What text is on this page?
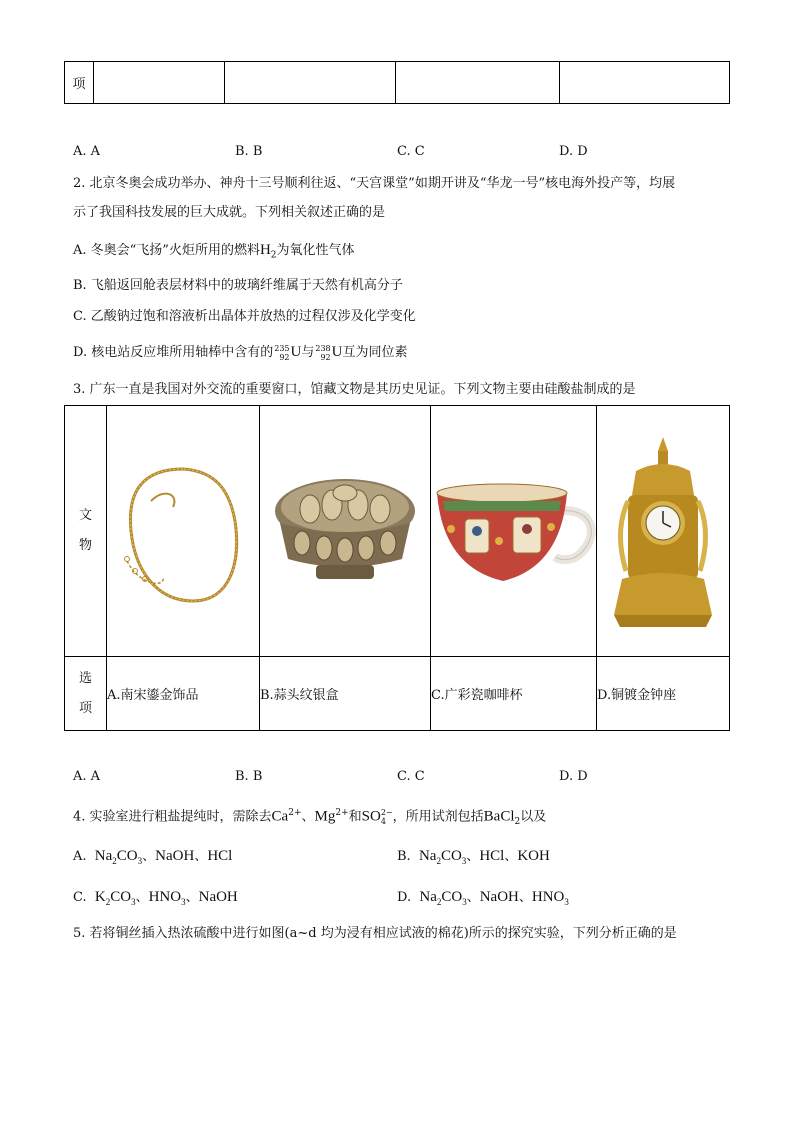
项				
A. A	B. B	C. C	D. D
2. 北京冬奥会成功举办、神舟十三号顺利往返、“天宫课堂”如期开讲及“华龙一号”核电海外投产等，均展
示了我国科技发展的巨大成就。下列相关叙述正确的是
A. 冬奥会“飞扬”火炬所用的燃料$H_2$为氧化性气体
B. 飞船返回舱表层材料中的玻璃纤维属于天然有机高分子
C. 乙酸钠过饱和溶液析出晶体并放热的过程仅涉及化学变化
D. 核电站反应堆所用轴棒中含有的235
92U与238
92U互为同位素
3. 广东一直是我国对外交流的重要窗口，馆藏文物是其历史见证。下列文物主要由硅酸盐制成的是
文
物

选
项	A.南宋鎏金饰品	B.蒜头纹银盒	C.广彩瓷咖啡杯	D.铜镀金钟座
A. A	B. B	C. C	D. D
4. 实验室进行粗盐提纯时，需除去$Ca^{2+}$、$Mg^{2+}$和SO2−
4 ，所用试剂包括BaCl$_2$以及
A. $Na_2CO_3$、NaOH、HCl	B. $Na_2CO_3$、HCl、KOH
C. $K_2CO_3$、$HNO_3$、NaOH	D. $Na_2CO_3$、NaOH、$HNO_3$
5. 若将铜丝插入热浓硫酸中进行如图(a~d 均为浸有相应试液的棉花)所示的探究实验，下列分析正确的是
